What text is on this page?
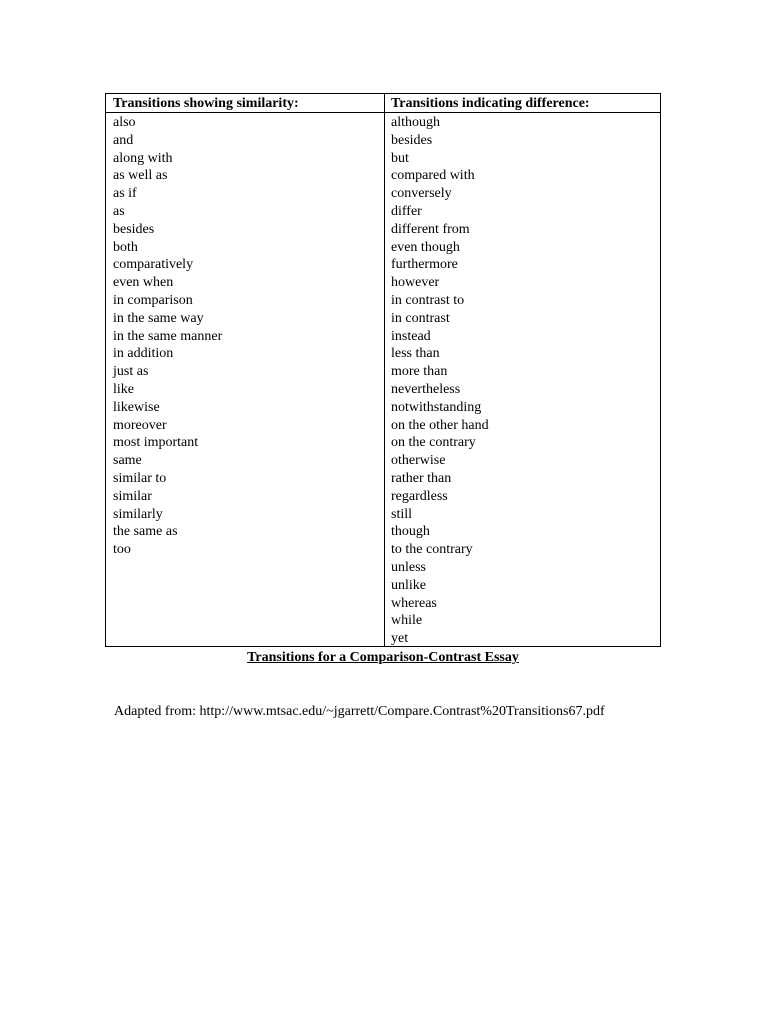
Transitions showing similarity:	Transitions indicating difference:
also
and
along with
as well as
as if
as
besides
both
comparatively
even when
in comparison
in the same way
in the same manner
in addition
just as
like
likewise
moreover
most important
same
similar to
similar
similarly
the same as
too
although
besides
but
compared with
conversely
differ
different from
even though
furthermore
however
in contrast to
in contrast
instead
less than
more than
nevertheless
notwithstanding
on the other hand
on the contrary
otherwise
rather than
regardless
still
though
to the contrary
unless
unlike
whereas
while
yet
Transitions for a Comparison-Contrast Essay
Adapted from: http://www.mtsac.edu/~jgarrett/Compare.Contrast%20Transitions67.pdf
